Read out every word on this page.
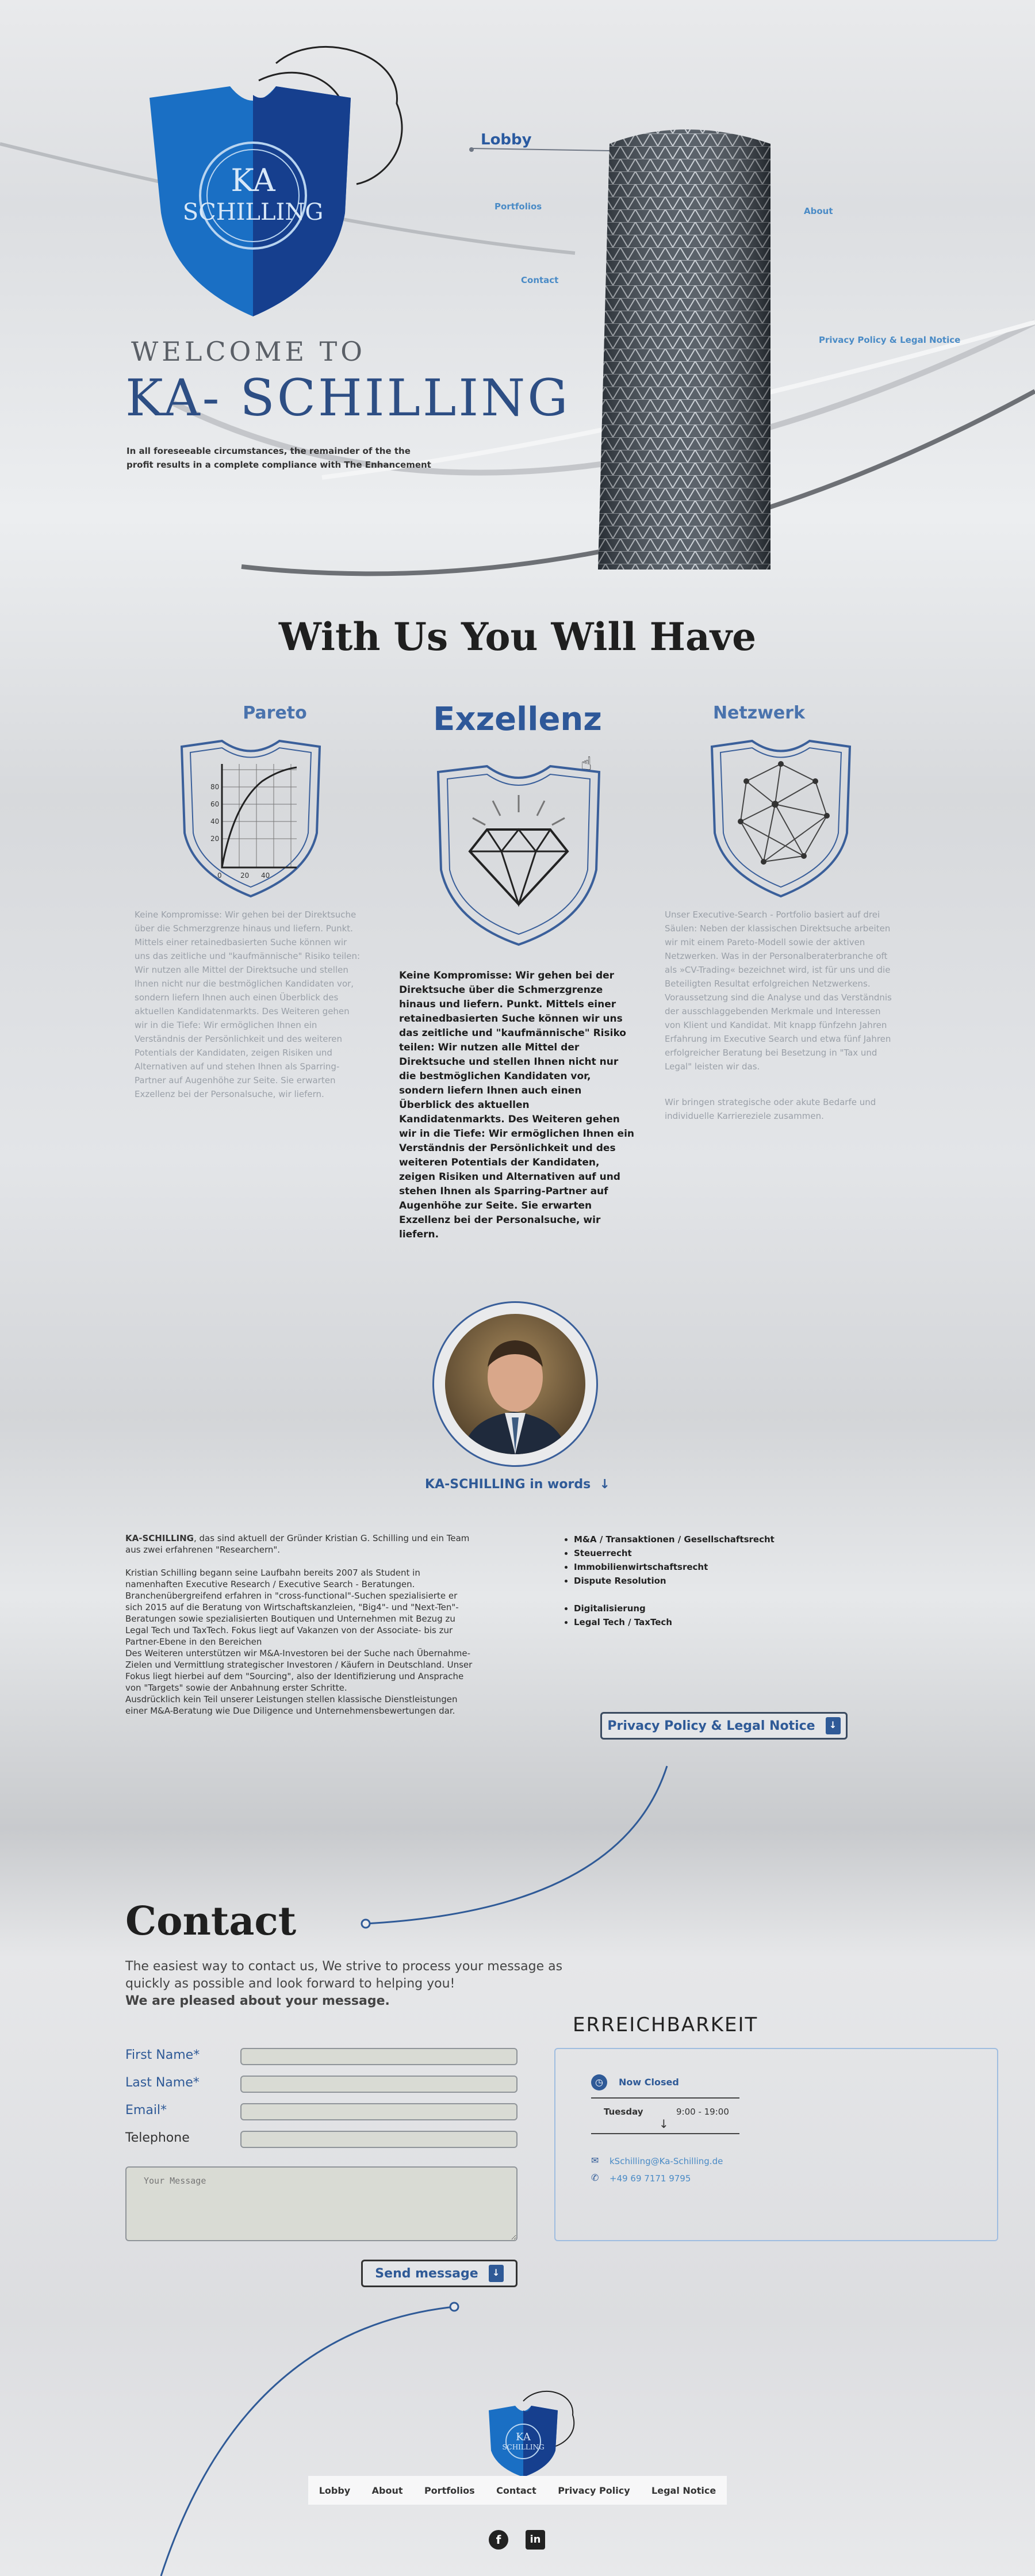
KA
SCHILLING
WELCOME TO
KA- SCHILLING
In all foreseeable circumstances, the remainder of the the profit results in a complete compliance with The Enhancement
Lobby
Portfolios	About
Contact
Privacy Policy & Legal Notice
With Us You Will Have
Pareto
80
60
40
20
0	20 40
Keine Kompromisse: Wir gehen bei der Direktsuche über die Schmerzgrenze hinaus und liefern. Punkt. Mittels einer retainedbasierten Suche können wir uns das zeitliche und "kaufmännische" Risiko teilen: Wir nutzen alle Mittel der Direktsuche und stellen Ihnen nicht nur die bestmöglichen Kandidaten vor, sondern liefern Ihnen auch einen Überblick des aktuellen Kandidatenmarkts. Des Weiteren gehen wir in die Tiefe: Wir ermöglichen Ihnen ein Verständnis der Persönlichkeit und des weiteren Potentials der Kandidaten, zeigen Risiken und Alternativen auf und stehen Ihnen als Sparring-Partner auf Augenhöhe zur Seite. Sie erwarten Exzellenz bei der Personalsuche, wir liefern.
Exzellenz
☝
Keine Kompromisse: Wir gehen bei der Direktsuche über die Schmerzgrenze hinaus und liefern. Punkt. Mittels einer retainedbasierten Suche können wir uns das zeitliche und "kaufmännische" Risiko teilen: Wir nutzen alle Mittel der Direktsuche und stellen Ihnen nicht nur die bestmöglichen Kandidaten vor, sondern liefern Ihnen auch einen Überblick des aktuellen Kandidatenmarkts. Des Weiteren gehen wir in die Tiefe: Wir ermöglichen Ihnen ein Verständnis der Persönlichkeit und des weiteren Potentials der Kandidaten, zeigen Risiken und Alternativen auf und stehen Ihnen als Sparring-Partner auf Augenhöhe zur Seite. Sie erwarten Exzellenz bei der Personalsuche, wir liefern.
Netzwerk
Unser Executive-Search - Portfolio basiert auf drei Säulen: Neben der klassischen Direktsuche arbeiten wir mit einem Pareto-Modell sowie der aktiven Netzwerken. Was in der Personalberaterbranche oft als »CV-Trading« bezeichnet wird, ist für uns und die Beteiligten Resultat erfolgreichen Netzwerkens. Voraussetzung sind die Analyse und das Verständnis der ausschlaggebenden Merkmale und Interessen von Klient und Kandidat. Mit knapp fünfzehn Jahren Erfahrung im Executive Search und etwa fünf Jahren erfolgreicher Beratung bei Besetzung in "Tax und Legal" leisten wir das.
Wir bringen strategische oder akute Bedarfe und individuelle Karriereziele zusammen.
KA-SCHILLING in words  ↓
KA-SCHILLING, das sind aktuell der Gründer Kristian G. Schilling und ein Team aus zwei erfahrenen "Researchern".
Kristian Schilling begann seine Laufbahn bereits 2007 als Student in namenhaften Executive Research / Executive Search - Beratungen. Branchenübergreifend erfahren in "cross-functional"-Suchen spezialisierte er sich 2015 auf die Beratung von Wirtschaftskanzleien, "Big4"- und "Next-Ten"-Beratungen sowie spezialisierten Boutiquen und Unternehmen mit Bezug zu Legal Tech und TaxTech. Fokus liegt auf Vakanzen von der Associate- bis zur Partner-Ebene in den Bereichen
Des Weiteren unterstützen wir M&A-Investoren bei der Suche nach Übernahme-Zielen und Vermittlung strategischer Investoren / Käufern in Deutschland. Unser Fokus liegt hierbei auf dem "Sourcing", also der Identifizierung und Ansprache von "Targets" sowie der Anbahnung erster Schritte.
Ausdrücklich kein Teil unserer Leistungen stellen klassische Dienstleistungen einer M&A-Beratung wie Due Diligence und Unternehmensbewertungen dar.
• M&A / Transaktionen / Gesellschaftsrecht
• Steuerrecht
• Immobilienwirtschaftsrecht
• Dispute Resolution
• Digitalisierung
• Legal Tech / TaxTech
Privacy Policy & Legal Notice
↓
Contact
The easiest way to contact us, We strive to process your message as quickly as possible and look forward to helping you!
We are pleased about your message.
First Name*
Last Name*
Email*
Telephone
Your Message
Send message
↓
ERREICHBARKEIT
◷	Now Closed
Tuesday	9:00 - 19:00
↓
✉ kSchilling@Ka-Schilling.de
✆ +49 69 7171 9795
KA
SCHILLING
Lobby About Portfolios Contact Privacy Policy Legal Notice
f	in
